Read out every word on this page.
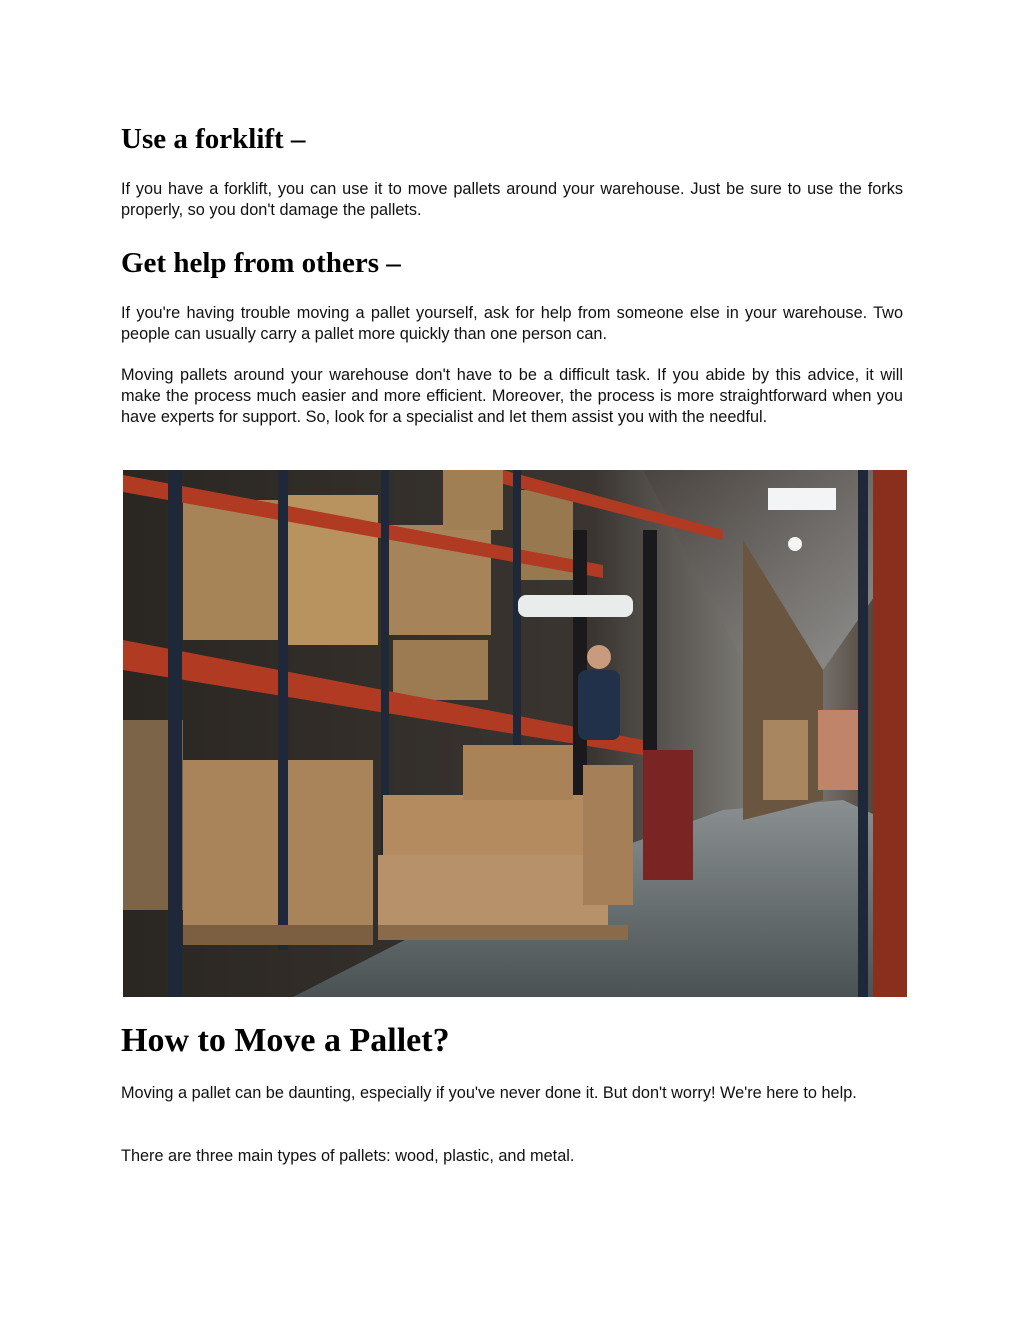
Use a forklift –

If you have a forklift, you can use it to move pallets around your warehouse. Just be sure to use the forks properly, so you don't damage the pallets.

Get help from others –

If you're having trouble moving a pallet yourself, ask for help from someone else in your warehouse. Two people can usually carry a pallet more quickly than one person can.

Moving pallets around your warehouse don't have to be a difficult task. If you abide by this advice, it will make the process much easier and more efficient. Moreover, the process is more straightforward when you have experts for support. So, look for a specialist and let them assist you with the needful.

How to Move a Pallet?

Moving a pallet can be daunting, especially if you've never done it. But don't worry! We're here to help.

There are three main types of pallets: wood, plastic, and metal.
